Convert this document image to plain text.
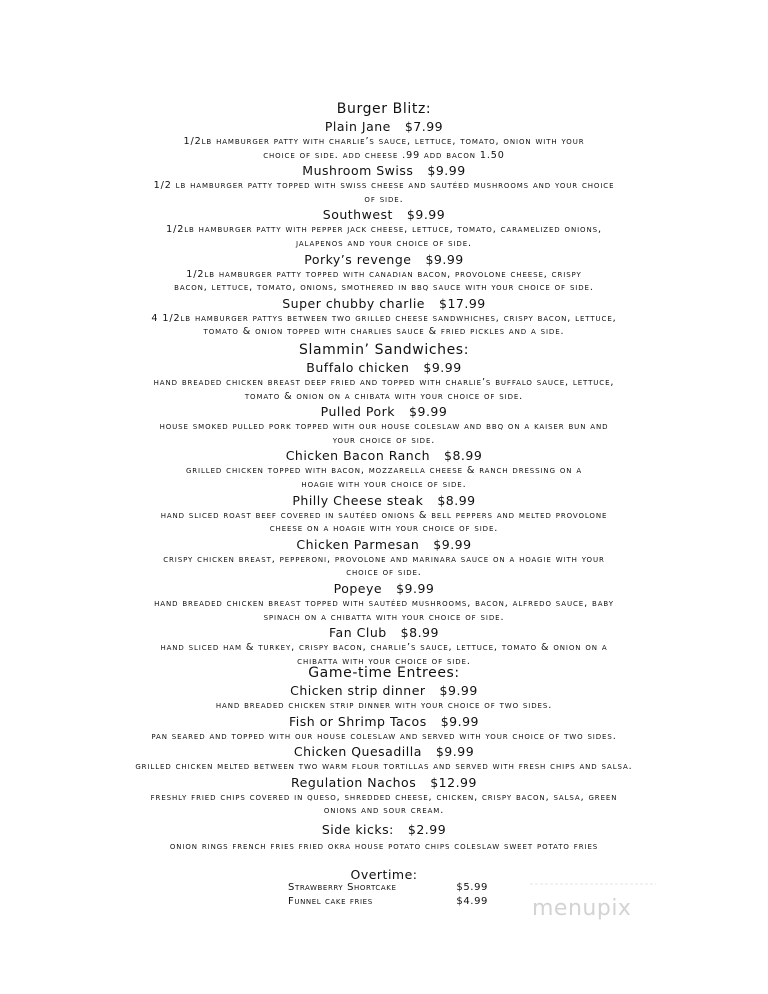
Burger Blitz:

Plain Jane $7.99

1/2lb hamburger patty with charlie’s sauce, lettuce, tomato, onion with your

choice of side. add cheese .99 add bacon 1.50

Mushroom Swiss $9.99

1/2 lb hamburger patty topped with swiss cheese and sautéed mushrooms and your choice

of side.

Southwest $9.99

1/2lb hamburger patty with pepper jack cheese, lettuce, tomato, caramelized onions,

jalapenos and your choice of side.

Porky’s revenge $9.99

1/2lb hamburger patty topped with canadian bacon, provolone cheese, crispy

bacon, lettuce, tomato, onions, smothered in bbq sauce with your choice of side.

Super chubby charlie $17.99

4 1/2lb hamburger pattys between two grilled cheese sandwhiches, crispy bacon, lettuce,

tomato & onion topped with charlies sauce & fried pickles and a side.

Slammin’ Sandwiches:

Buffalo chicken $9.99

hand breaded chicken breast deep fried and topped with charlie’s buffalo sauce, lettuce,

tomato & onion on a chibata with your choice of side.

Pulled Pork $9.99

house smoked pulled pork topped with our house coleslaw and bbq on a kaiser bun and

your choice of side.

Chicken Bacon Ranch $8.99

grilled chicken topped with bacon, mozzarella cheese & ranch dressing on a

hoagie with your choice of side.

Philly Cheese steak $8.99

hand sliced roast beef covered in sautéed onions & bell peppers and melted provolone

cheese on a hoagie with your choice of side.

Chicken Parmesan $9.99

crispy chicken breast, pepperoni, provolone and marinara sauce on a hoagie with your

choice of side.

Popeye $9.99

hand breaded chicken breast topped with sautéed mushrooms, bacon, alfredo sauce, baby

spinach on a chibatta with your choice of side.

Fan Club $8.99

hand sliced ham & turkey, crispy bacon, charlie’s sauce, lettuce, tomato & onion on a

chibatta with your choice of side.

Game-time Entrees:

Chicken strip dinner $9.99

hand breaded chicken strip dinner with your choice of two sides.

Fish or Shrimp Tacos $9.99

pan seared and topped with our house coleslaw and served with your choice of two sides.

Chicken Quesadilla $9.99

grilled chicken melted between two warm flour tortillas and served with fresh chips and salsa.

Regulation Nachos $12.99

freshly fried chips covered in queso, shredded cheese, chicken, crispy bacon, salsa, green

onions and sour cream.

Side kicks: $2.99

onion rings french fries fried okra house potato chips coleslaw sweet potato fries

Overtime:

Strawberry Shortcake	$5.99
Funnel cake fries	$4.99 menupix
